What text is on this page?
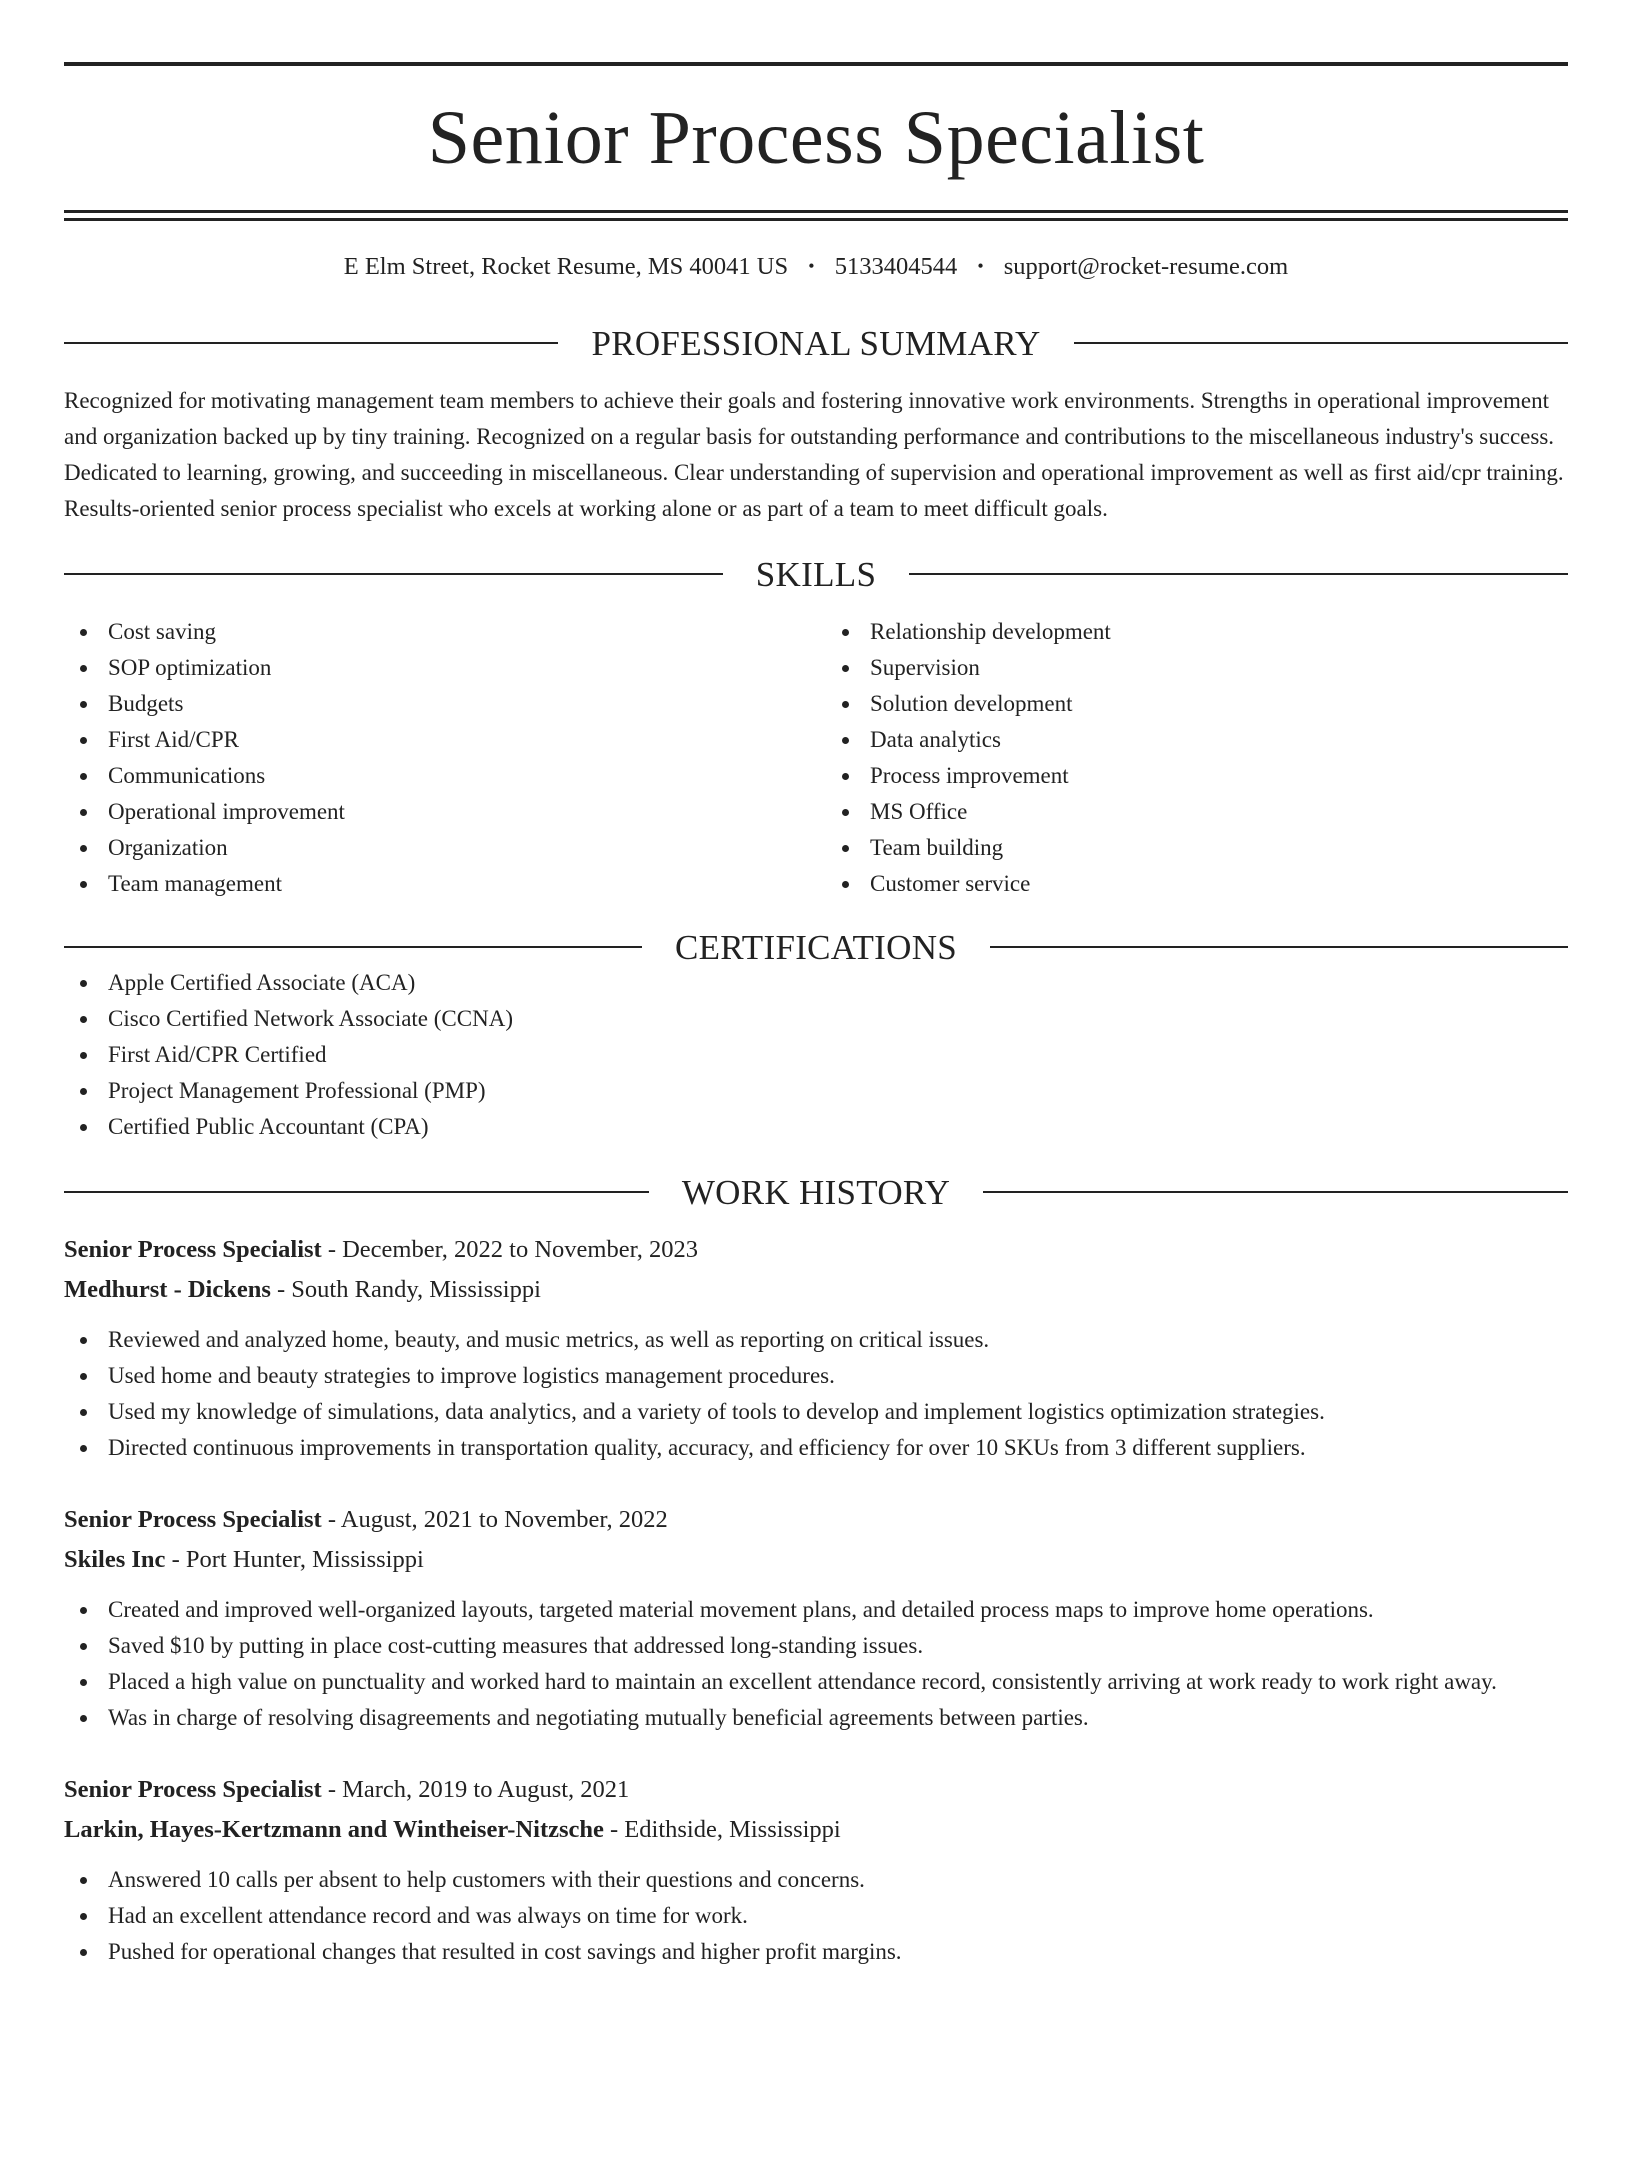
Senior Process Specialist
E Elm Street, Rocket Resume, MS 40041 US • 5133404544 • support@rocket-resume.com
PROFESSIONAL SUMMARY
Recognized for motivating management team members to achieve their goals and fostering innovative work environments. Strengths in operational improvement and organization backed up by tiny training. Recognized on a regular basis for outstanding performance and contributions to the miscellaneous industry's success. Dedicated to learning, growing, and succeeding in miscellaneous. Clear understanding of supervision and operational improvement as well as first aid/cpr training. Results-oriented senior process specialist who excels at working alone or as part of a team to meet difficult goals.
SKILLS
Cost saving
SOP optimization
Budgets
First Aid/CPR
Communications
Operational improvement
Organization
Team management
Relationship development
Supervision
Solution development
Data analytics
Process improvement
MS Office
Team building
Customer service
CERTIFICATIONS
Apple Certified Associate (ACA)
Cisco Certified Network Associate (CCNA)
First Aid/CPR Certified
Project Management Professional (PMP)
Certified Public Accountant (CPA)
WORK HISTORY
Senior Process Specialist - December, 2022 to November, 2023
Medhurst - Dickens - South Randy, Mississippi
Reviewed and analyzed home, beauty, and music metrics, as well as reporting on critical issues.
Used home and beauty strategies to improve logistics management procedures.
Used my knowledge of simulations, data analytics, and a variety of tools to develop and implement logistics optimization strategies.
Directed continuous improvements in transportation quality, accuracy, and efficiency for over 10 SKUs from 3 different suppliers.
Senior Process Specialist - August, 2021 to November, 2022
Skiles Inc - Port Hunter, Mississippi
Created and improved well-organized layouts, targeted material movement plans, and detailed process maps to improve home operations.
Saved $10 by putting in place cost-cutting measures that addressed long-standing issues.
Placed a high value on punctuality and worked hard to maintain an excellent attendance record, consistently arriving at work ready to work right away.
Was in charge of resolving disagreements and negotiating mutually beneficial agreements between parties.
Senior Process Specialist - March, 2019 to August, 2021
Larkin, Hayes-Kertzmann and Wintheiser-Nitzsche - Edithside, Mississippi
Answered 10 calls per absent to help customers with their questions and concerns.
Had an excellent attendance record and was always on time for work.
Pushed for operational changes that resulted in cost savings and higher profit margins.
